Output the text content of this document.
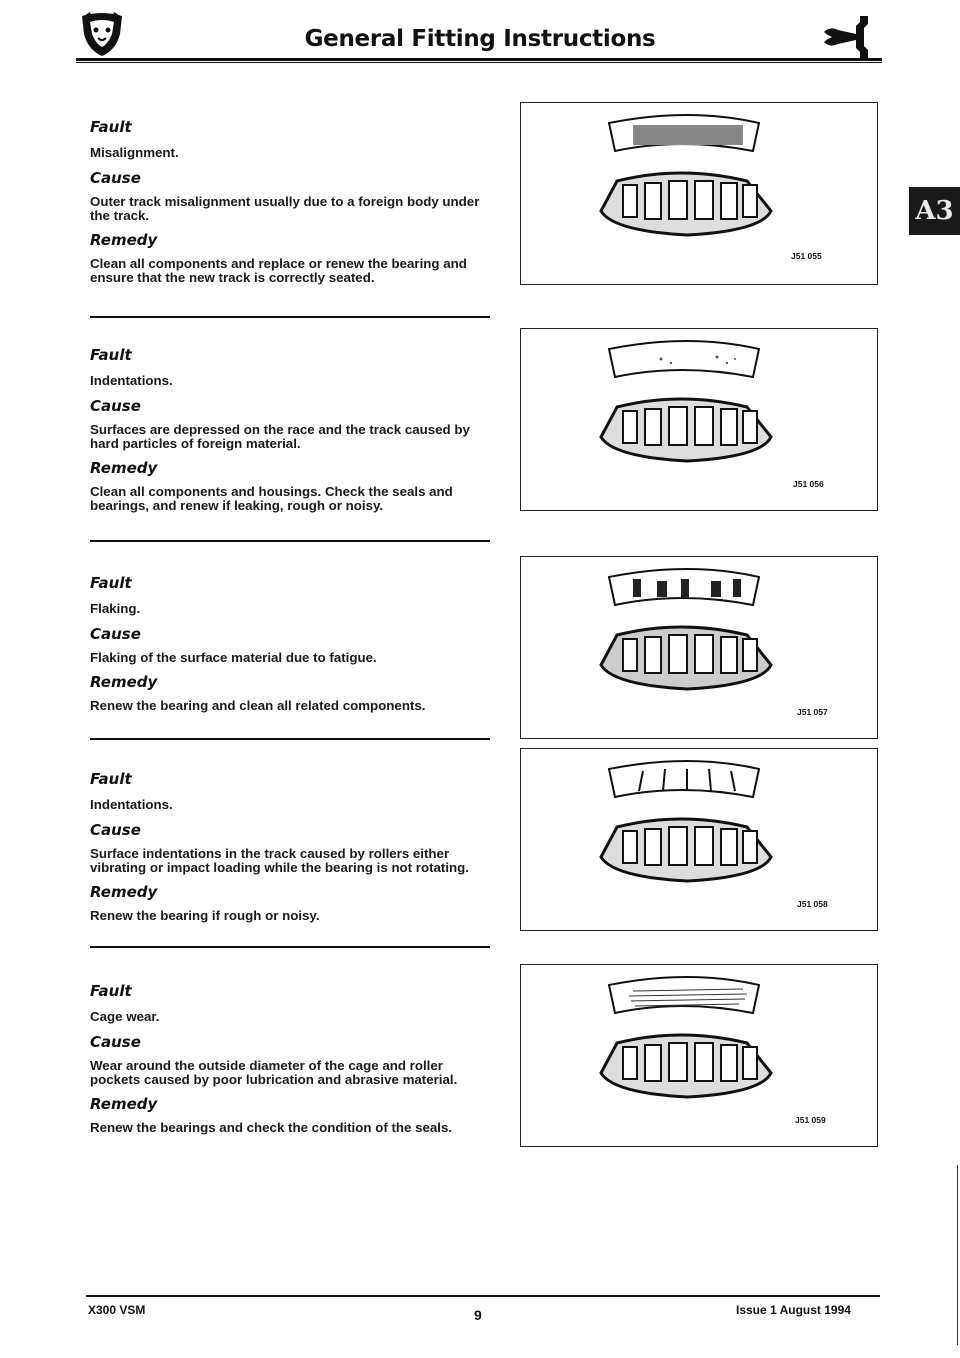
General Fitting Instructions
A3

Fault

Misalignment.

Cause

Outer track misalignment usually due to a foreign body under the track.

Remedy

Clean all components and replace or renew the bearing and ensure that the new track is correctly seated.

Fault

Indentations.

Cause

Surfaces are depressed on the race and the track caused by hard particles of foreign material.

Remedy

Clean all components and housings. Check the seals and bearings, and renew if leaking, rough or noisy.

Fault

Flaking.

Cause

Flaking of the surface material due to fatigue.

Remedy

Renew the bearing and clean all related components.

Fault

Indentations.

Cause

Surface indentations in the track caused by rollers either vibrating or impact loading while the bearing is not rotating.

Remedy

Renew the bearing if rough or noisy.

Fault

Cage wear.

Cause

Wear around the outside diameter of the cage and roller pockets caused by poor lubrication and abrasive material.

Remedy

Renew the bearings and check the condition of the seals.

J51 055
J51 056
J51 057
J51 058
J51 059
X300 VSM	9	Issue 1 August 1994
